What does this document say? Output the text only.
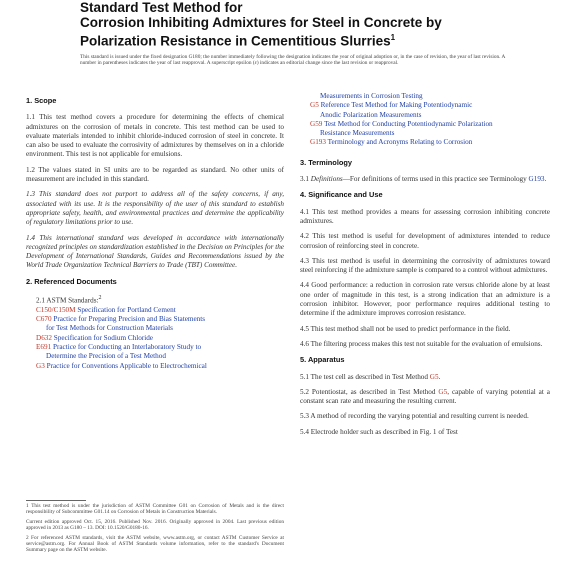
Standard Test Method for
Corrosion Inhibiting Admixtures for Steel in Concrete by
Polarization Resistance in Cementitious Slurries$^1$
This standard is issued under the fixed designation G180; the number immediately following the designation indicates the year of original adoption or, in the case of revision, the year of last revision. A number in parentheses indicates the year of last reapproval. A superscript epsilon (ε) indicates an editorial change since the last revision or reapproval.
1. Scope

1.1 This test method covers a procedure for determining the effects of chemical admixtures on the corrosion of metals in concrete. This test method can be used to evaluate materials intended to inhibit chloride-induced corrosion of steel in concrete. It can also be used to evaluate the corrosivity of admixtures by themselves on in a chloride environment. This test is not applicable for emulsions.

1.2 The values stated in SI units are to be regarded as standard. No other units of measurement are included in this standard.

1.3 This standard does not purport to address all of the safety concerns, if any, associated with its use. It is the responsibility of the user of this standard to establish appropriate safety, health, and environmental practices and determine the applicability of regulatory limitations prior to use.

1.4 This international standard was developed in accordance with internationally recognized principles on standardization established in the Decision on Principles for the Development of International Standards, Guides and Recommendations issued by the World Trade Organization Technical Barriers to Trade (TBT) Committee.

2. Referenced Documents
2.1 ASTM Standards:$^2$
C150/C150M Specification for Portland Cement
C670 Practice for Preparing Precision and Bias Statements
for Test Methods for Construction Materials
D632 Specification for Sodium Chloride
E691 Practice for Conducting an Interlaboratory Study to
Determine the Precision of a Test Method
G3 Practice for Conventions Applicable to Electrochemical

1 This test method is under the jurisdiction of ASTM Committee G01 on Corrosion of Metals and is the direct responsibility of Subcommittee G01.14 on Corrosion of Metals in Construction Materials.

Current edition approved Oct. 15, 2016. Published Nov. 2016. Originally approved in 2004. Last previous edition approved in 2013 as G180 – 13. DOI: 10.1520/G0180-16.

2 For referenced ASTM standards, visit the ASTM website, www.astm.org, or contact ASTM Customer Service at service@astm.org. For Annual Book of ASTM Standards volume information, refer to the standard's Document Summary page on the ASTM website.

Measurements in Corrosion Testing
G5 Reference Test Method for Making Potentiodynamic
Anodic Polarization Measurements
G59 Test Method for Conducting Potentiodynamic Polarization
Resistance Measurements
G193 Terminology and Acronyms Relating to Corrosion
3. Terminology

3.1 Definitions—For definitions of terms used in this practice see Terminology G193.

4. Significance and Use

4.1 This test method provides a means for assessing corrosion inhibiting concrete admixtures.

4.2 This test method is useful for development of admixtures intended to reduce corrosion of reinforcing steel in concrete.

4.3 This test method is useful in determining the corrosivity of admixtures toward steel reinforcing if the admixture sample is compared to a control without admixtures.

4.4 Good performance: a reduction in corrosion rate versus chloride alone by at least one order of magnitude in this test, is a strong indication that an admixture is a corrosion inhibitor. However, poor performance requires additional testing to determine if the admixture improves corrosion resistance.

4.5 This test method shall not be used to predict performance in the field.

4.6 The filtering process makes this test not suitable for the evaluation of emulsions.

5. Apparatus

5.1 The test cell as described in Test Method G5.

5.2 Potentiostat, as described in Test Method G5, capable of varying potential at a constant scan rate and measuring the resulting current.

5.3 A method of recording the varying potential and resulting current is needed.

5.4 Electrode holder such as described in Fig. 1 of Test
